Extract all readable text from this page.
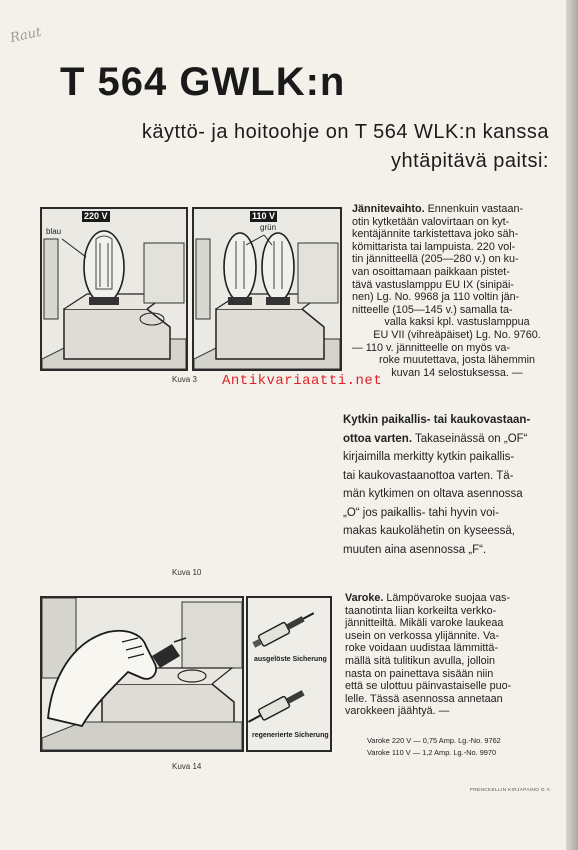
Raut
T 564 GWLK:n
käyttö- ja hoitoohje on T 564 WLK:n kanssa
yhtäpitävä paitsi:
220 V
blau
110 V
grün
Kuva 3
Kuva 10
ausgelöste Sicherung
regenerierte Sicherung
Kuva 14
Jännitevaihto. Ennenkuin vastaan-
otin kytketään valovirtaan on kyt-
kentäjännite tarkistettava joko säh-
kömittaristа tai lampuista. 220 vol-
tin jännitteellä (205—280 v.) on ku-
van osoittamaan paikkaan pistet-
tävä vastuslamppu EU IX (sinipäi-
nen) Lg. No. 9968 ja 110 voltin jän-
nitteelle (105—145 v.) samalla ta-
valla kaksi kpl. vastuslamppua
EU VII (vihreäpäiset) Lg. No. 9760.
— 110 v. jännitteelle on myös va-
roke muutettava, josta lähemmin
kuvan 14 selostuksessa. —
Kytkin paikallis- tai kaukovastaan-
ottoa varten. Takaseinässä on „OF“
kirjaimilla merkitty kytkin paikallis-
tai kaukovastaanottoa varten. Tä-
män kytkimen on oltava asennossa
„O“ jos paikallis- tahi hyvin voi-
makas kaukolähetin on kyseessä,
muuten aina asennossa „F“.
Varoke. Lämpövaroke suojaa vas-
taanotinta liian korkeilta verkko-
jännitteiltä. Mikäli varoke laukeaa
usein on verkossa ylijännite. Va-
roke voidaan uudistaa lämmittä-
mällä sitä tulitikun avulla, jolloin
nasta on painettava sisään niin
että se ulottuu päinvastaiselle puo-
lelle. Tässä asennossa annetaan
varokkeen jäähtyä. —
Varoke 220 V — 0,75 Amp. Lg.-No. 9762
Varoke 110 V — 1,2 Amp. Lg.-No. 9970
FRENCKELLIN KIRJAPAINO O.Y.
Antikvariaatti.net
